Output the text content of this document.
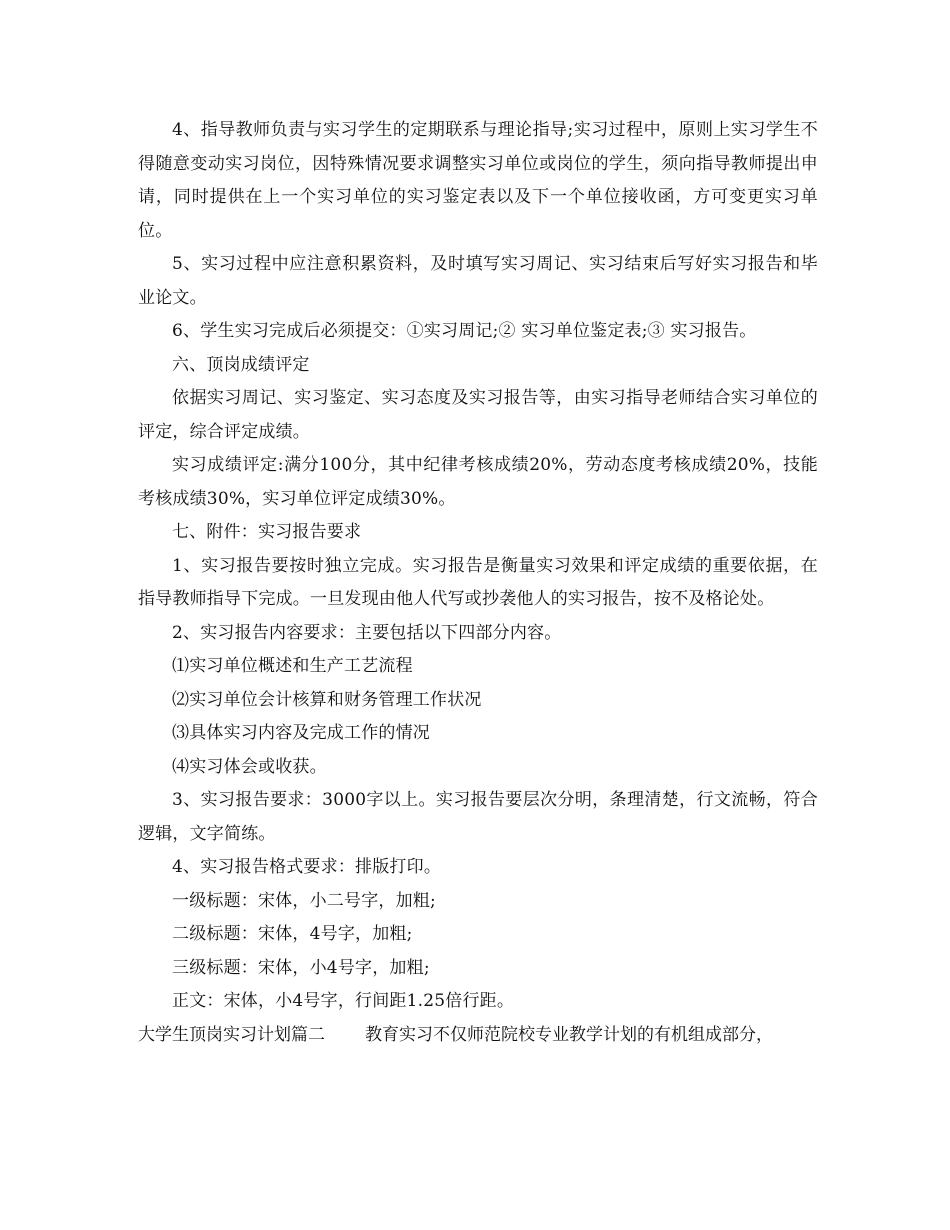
4、指导教师负责与实习学生的定期联系与理论指导;实习过程中，原则上实习学生不得随意变动实习岗位，因特殊情况要求调整实习单位或岗位的学生，须向指导教师提出申请，同时提供在上一个实习单位的实习鉴定表以及下一个单位接收函，方可变更实习单位。

5、实习过程中应注意积累资料，及时填写实习周记、实习结束后写好实习报告和毕业论文。

6、学生实习完成后必须提交：①实习周记;② 实习单位鉴定表;③ 实习报告。

六、顶岗成绩评定

依据实习周记、实习鉴定、实习态度及实习报告等，由实习指导老师结合实习单位的评定，综合评定成绩。

实习成绩评定:满分100分，其中纪律考核成绩20%，劳动态度考核成绩20%，技能考核成绩30%，实习单位评定成绩30%。

七、附件：实习报告要求

1、实习报告要按时独立完成。实习报告是衡量实习效果和评定成绩的重要依据，在指导教师指导下完成。一旦发现由他人代写或抄袭他人的实习报告，按不及格论处。

2、实习报告内容要求：主要包括以下四部分内容。

⑴实习单位概述和生产工艺流程

⑵实习单位会计核算和财务管理工作状况

⑶具体实习内容及完成工作的情况

⑷实习体会或收获。

3、实习报告要求：3000字以上。实习报告要层次分明，条理清楚，行文流畅，符合逻辑，文字简练。

4、实习报告格式要求：排版打印。

一级标题：宋体，小二号字，加粗;

二级标题：宋体，4号字，加粗;

三级标题：宋体，小4号字，加粗;

正文：宋体，小4号字，行间距1.25倍行距。

大学生顶岗实习计划篇二 教育实习不仅师范院校专业教学计划的有机组成部分，
